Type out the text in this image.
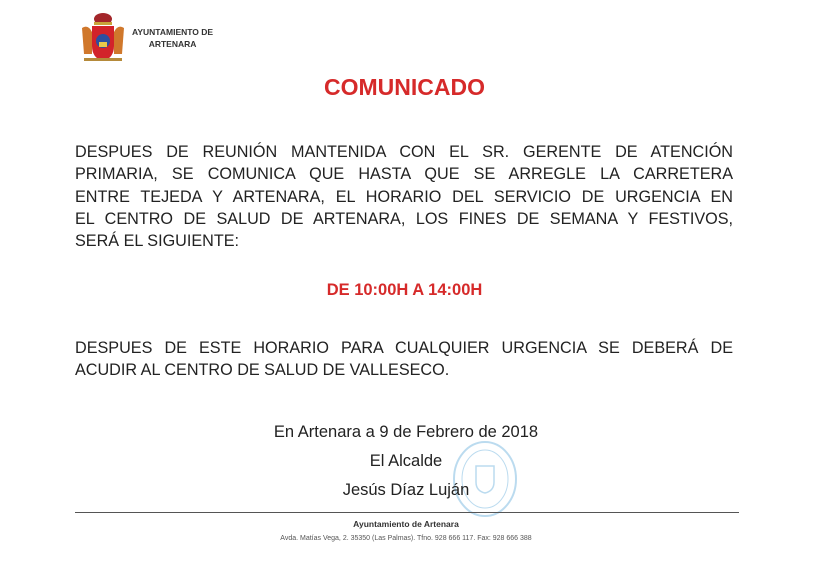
AYUNTAMIENTO DE
ARTENARA
COMUNICADO
DESPUES DE REUNIÓN MANTENIDA CON EL SR. GERENTE DE ATENCIÓN
PRIMARIA, SE COMUNICA QUE HASTA QUE SE ARREGLE LA CARRETERA
ENTRE TEJEDA Y ARTENARA, EL HORARIO DEL SERVICIO DE URGENCIA EN
EL CENTRO DE SALUD DE ARTENARA, LOS FINES DE SEMANA Y FESTIVOS,
SERÁ EL SIGUIENTE:
DE 10:00H A 14:00H
DESPUES DE ESTE HORARIO PARA CUALQUIER URGENCIA SE DEBERÁ DE
ACUDIR AL CENTRO DE SALUD DE VALLESECO.
En Artenara a 9 de Febrero de 2018
El Alcalde
Jesús Díaz Luján
Ayuntamiento de Artenara
Avda. Matías Vega, 2. 35350 (Las Palmas). Tfno. 928 666 117. Fax: 928 666 388
